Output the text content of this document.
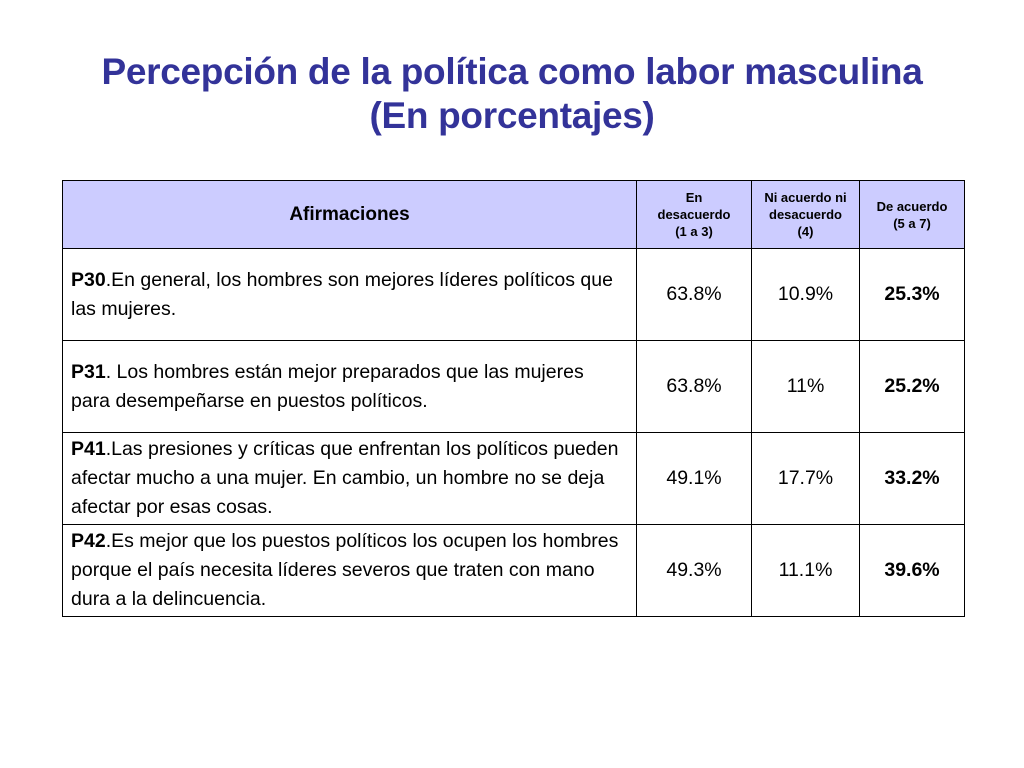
Percepción de la política como labor masculina
(En porcentajes)
Afirmaciones	En
desacuerdo
(1 a 3)	Ni acuerdo ni
desacuerdo
(4)	De acuerdo
(5 a 7)
P30.En general, los hombres son mejores líderes políticos que las mujeres.	63.8%	10.9%	25.3%
P31. Los hombres están mejor preparados que las mujeres para desempeñarse en puestos políticos.	63.8%	11%	25.2%
P41.Las presiones y críticas que enfrentan los políticos pueden afectar mucho a una mujer. En cambio, un hombre no se deja afectar por esas cosas.	49.1%	17.7%	33.2%
P42.Es mejor que los puestos políticos los ocupen los hombres porque el país necesita líderes severos que traten con mano dura a la delincuencia.	49.3%	11.1%	39.6%
